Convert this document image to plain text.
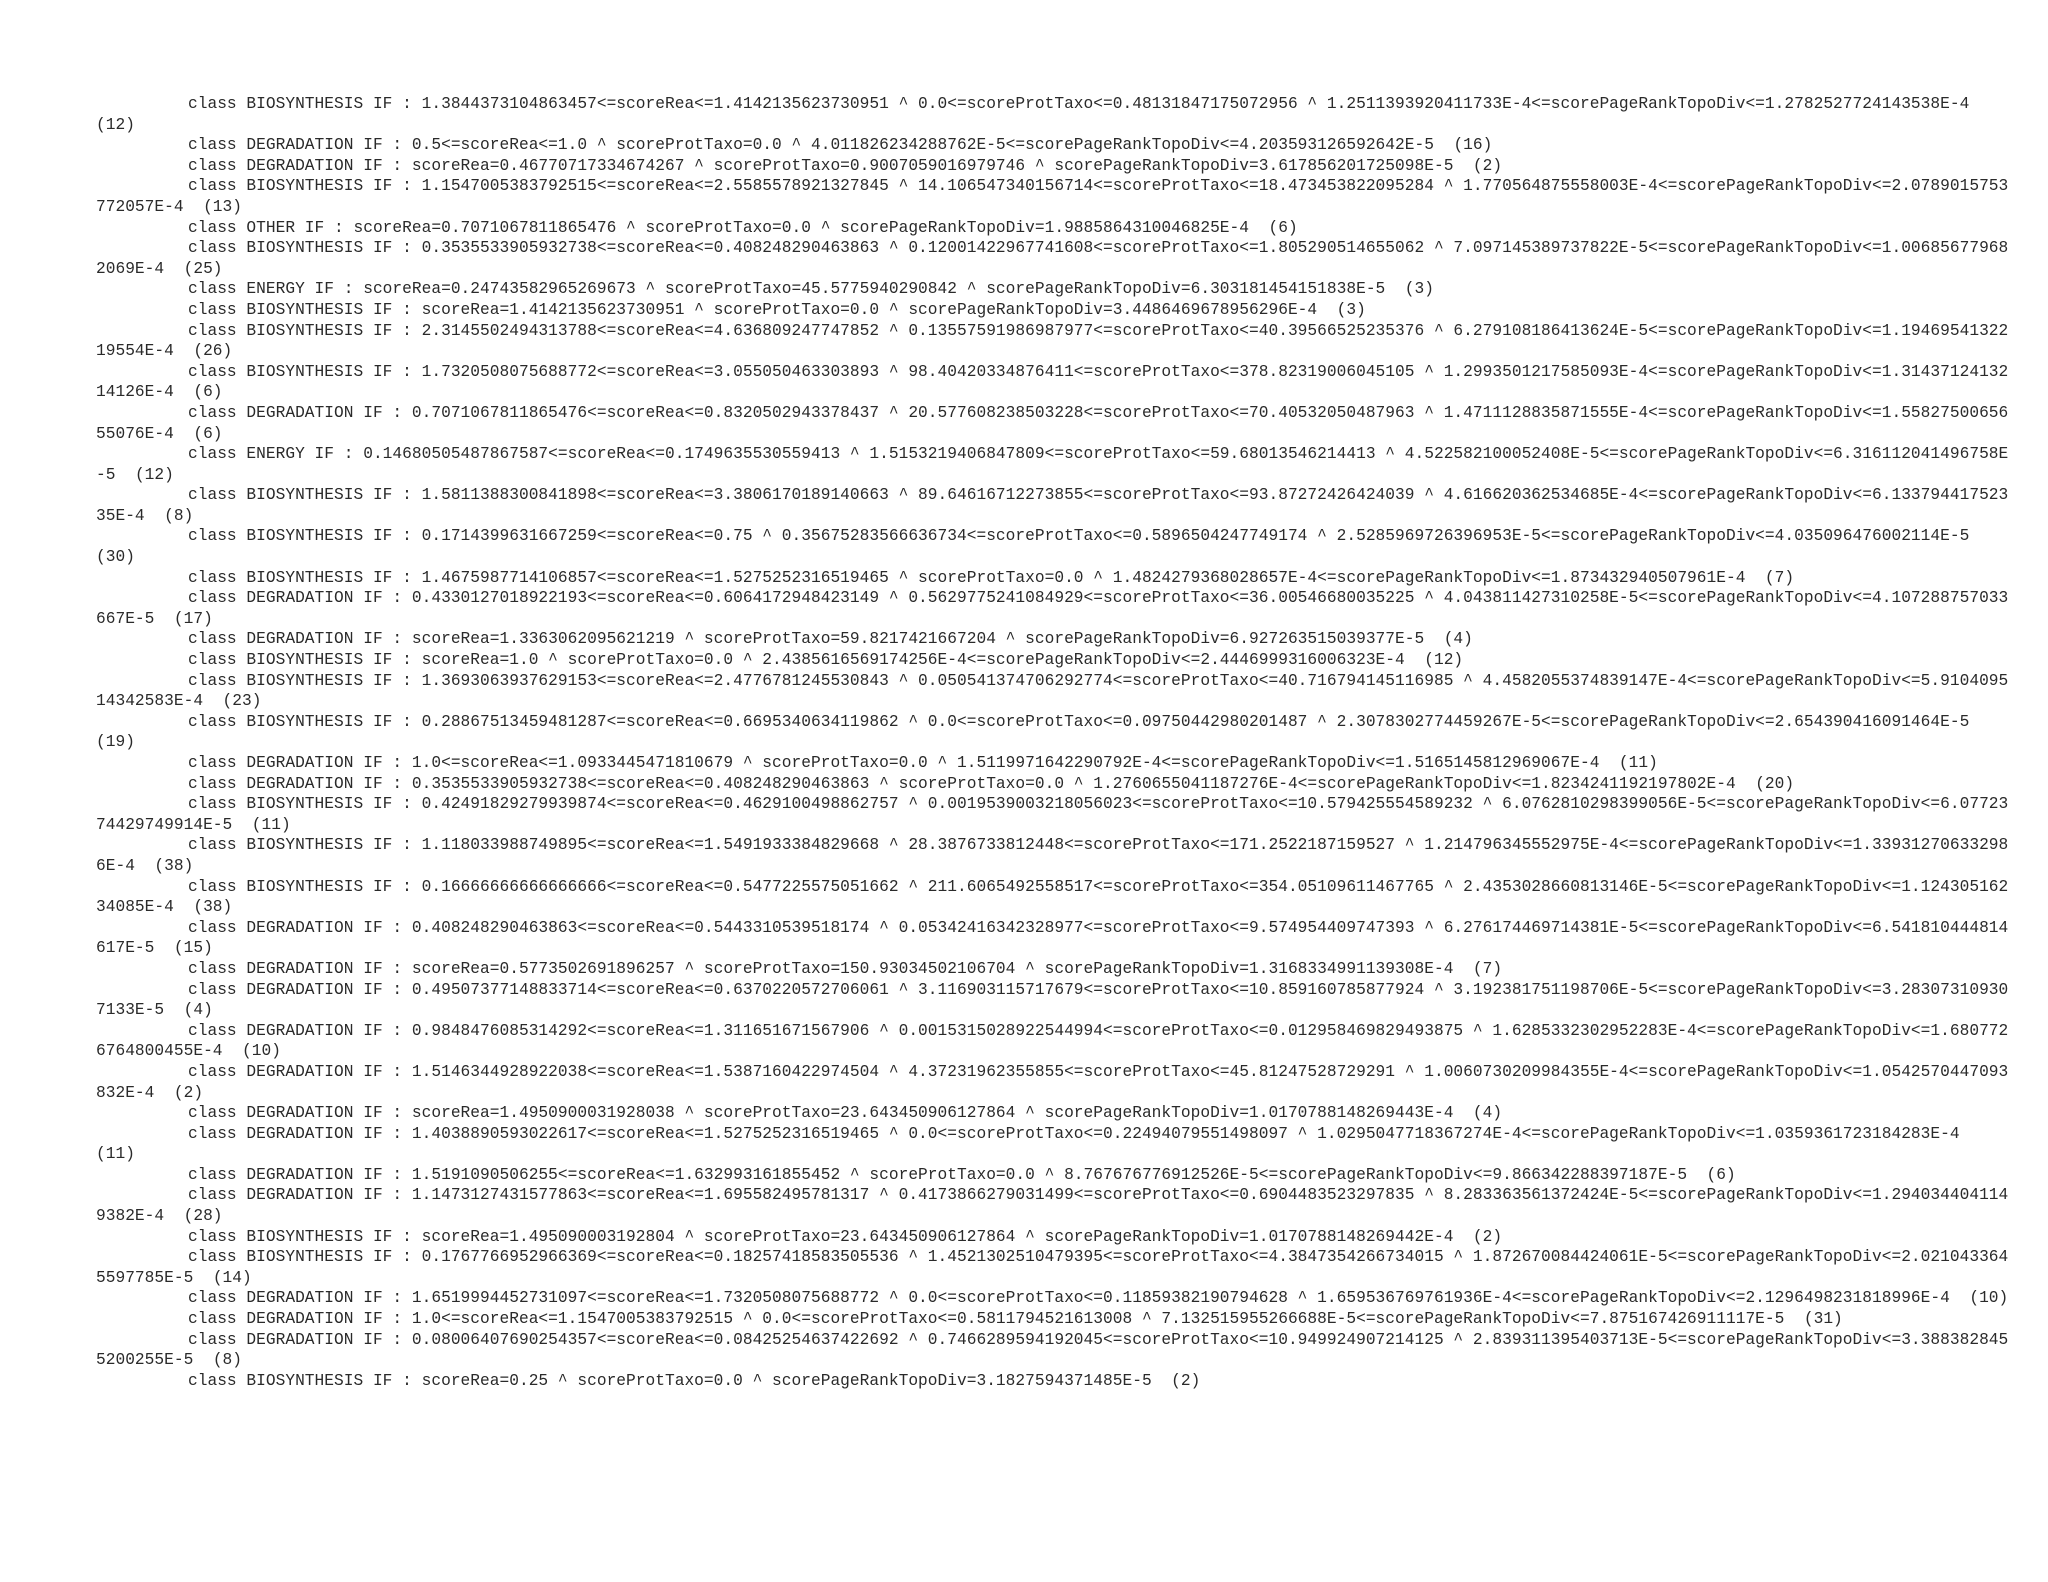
class BIOSYNTHESIS IF : 1.3844373104863457<=scoreRea<=1.4142135623730951 ^ 0.0<=scoreProtTaxo<=0.48131847175072956 ^ 1.2511393920411733E-4<=scorePageRankTopoDiv<=1.2782527724143538E-4  (12)
class DEGRADATION IF : 0.5<=scoreRea<=1.0 ^ scoreProtTaxo=0.0 ^ 4.011826234288762E-5<=scorePageRankTopoDiv<=4.203593126592642E-5 (16)
class DEGRADATION IF : scoreRea=0.46770717334674267 ^ scoreProtTaxo=0.9007059016979746 ^ scorePageRankTopoDiv=3.617856201725098E-5 (2)
class BIOSYNTHESIS IF : 1.1547005383792515<=scoreRea<=2.5585578921327845 ^ 14.106547340156714<=scoreProtTaxo<=18.473453822095284 ^ 1.770564875558003E-4<=scorePageRankTopoDiv<=2.0789015753772057E-4 (13)
class OTHER IF : scoreRea=0.7071067811865476 ^ scoreProtTaxo=0.0 ^ scorePageRankTopoDiv=1.9885864310046825E-4 (6)
class BIOSYNTHESIS IF : 0.3535533905932738<=scoreRea<=0.408248290463863 ^ 0.12001422967741608<=scoreProtTaxo<=1.805290514655062 ^ 7.097145389737822E-5<=scorePageRankTopoDiv<=1.006856779682069E-4 (25)
class ENERGY IF : scoreRea=0.24743582965269673 ^ scoreProtTaxo=45.5775940290842 ^ scorePageRankTopoDiv=6.303181454151838E-5 (3)
class BIOSYNTHESIS IF : scoreRea=1.4142135623730951 ^ scoreProtTaxo=0.0 ^ scorePageRankTopoDiv=3.4486469678956296E-4 (3)
class BIOSYNTHESIS IF : 2.3145502494313788<=scoreRea<=4.636809247747852 ^ 0.13557591986987977<=scoreProtTaxo<=40.39566525235376 ^ 6.279108186413624E-5<=scorePageRankTopoDiv<=1.1946954132219554E-4 (26)
class BIOSYNTHESIS IF : 1.7320508075688772<=scoreRea<=3.055050463303893 ^ 98.40420334876411<=scoreProtTaxo<=378.82319006045105 ^ 1.2993501217585093E-4<=scorePageRankTopoDiv<=1.3143712413214126E-4 (6)
class DEGRADATION IF : 0.7071067811865476<=scoreRea<=0.8320502943378437 ^ 20.577608238503228<=scoreProtTaxo<=70.40532050487963 ^ 1.4711128835871555E-4<=scorePageRankTopoDiv<=1.5582750065655076E-4 (6)
class ENERGY IF : 0.14680505487867587<=scoreRea<=0.1749635530559413 ^ 1.5153219406847809<=scoreProtTaxo<=59.68013546214413 ^ 4.522582100052408E-5<=scorePageRankTopoDiv<=6.316112041496758E-5 (12)
class BIOSYNTHESIS IF : 1.5811388300841898<=scoreRea<=3.3806170189140663 ^ 89.64616712273855<=scoreProtTaxo<=93.87272426424039 ^ 4.616620362534685E-4<=scorePageRankTopoDiv<=6.13379441752335E-4 (8)
class BIOSYNTHESIS IF : 0.1714399631667259<=scoreRea<=0.75 ^ 0.35675283566636734<=scoreProtTaxo<=0.5896504247749174 ^ 2.5285969726396953E-5<=scorePageRankTopoDiv<=4.035096476002114E-5  (30)
class BIOSYNTHESIS IF : 1.4675987714106857<=scoreRea<=1.5275252316519465 ^ scoreProtTaxo=0.0 ^ 1.4824279368028657E-4<=scorePageRankTopoDiv<=1.873432940507961E-4 (7)
class DEGRADATION IF : 0.4330127018922193<=scoreRea<=0.6064172948423149 ^ 0.5629775241084929<=scoreProtTaxo<=36.00546680035225 ^ 4.043811427310258E-5<=scorePageRankTopoDiv<=4.107288757033667E-5 (17)
class DEGRADATION IF : scoreRea=1.3363062095621219 ^ scoreProtTaxo=59.8217421667204 ^ scorePageRankTopoDiv=6.927263515039377E-5 (4)
class BIOSYNTHESIS IF : scoreRea=1.0 ^ scoreProtTaxo=0.0 ^ 2.4385616569174256E-4<=scorePageRankTopoDiv<=2.4446999316006323E-4 (12)
class BIOSYNTHESIS IF : 1.3693063937629153<=scoreRea<=2.4776781245530843 ^ 0.050541374706292774<=scoreProtTaxo<=40.716794145116985 ^ 4.4582055374839147E-4<=scorePageRankTopoDiv<=5.910409514342583E-4 (23)
class BIOSYNTHESIS IF : 0.28867513459481287<=scoreRea<=0.6695340634119862 ^ 0.0<=scoreProtTaxo<=0.09750442980201487 ^ 2.3078302774459267E-5<=scorePageRankTopoDiv<=2.654390416091464E-5  (19)
class DEGRADATION IF : 1.0<=scoreRea<=1.0933445471810679 ^ scoreProtTaxo=0.0 ^ 1.5119971642290792E-4<=scorePageRankTopoDiv<=1.5165145812969067E-4 (11)
class DEGRADATION IF : 0.3535533905932738<=scoreRea<=0.408248290463863 ^ scoreProtTaxo=0.0 ^ 1.2760655041187276E-4<=scorePageRankTopoDiv<=1.8234241192197802E-4 (20)
class BIOSYNTHESIS IF : 0.42491829279939874<=scoreRea<=0.4629100498862757 ^ 0.0019539003218056023<=scoreProtTaxo<=10.579425554589232 ^ 6.0762810298399056E-5<=scorePageRankTopoDiv<=6.0772374429749914E-5 (11)
class BIOSYNTHESIS IF : 1.118033988749895<=scoreRea<=1.5491933384829668 ^ 28.3876733812448<=scoreProtTaxo<=171.2522187159527 ^ 1.214796345552975E-4<=scorePageRankTopoDiv<=1.339312706332986E-4 (38)
class BIOSYNTHESIS IF : 0.16666666666666666<=scoreRea<=0.5477225575051662 ^ 211.6065492558517<=scoreProtTaxo<=354.05109611467765 ^ 2.4353028660813146E-5<=scorePageRankTopoDiv<=1.12430516234085E-4 (38)
class DEGRADATION IF : 0.408248290463863<=scoreRea<=0.5443310539518174 ^ 0.05342416342328977<=scoreProtTaxo<=9.574954409747393 ^ 6.276174469714381E-5<=scorePageRankTopoDiv<=6.541810444814617E-5 (15)
class DEGRADATION IF : scoreRea=0.5773502691896257 ^ scoreProtTaxo=150.93034502106704 ^ scorePageRankTopoDiv=1.3168334991139308E-4 (7)
class DEGRADATION IF : 0.49507377148833714<=scoreRea<=0.6370220572706061 ^ 3.116903115717679<=scoreProtTaxo<=10.859160785877924 ^ 3.192381751198706E-5<=scorePageRankTopoDiv<=3.283073109307133E-5 (4)
class DEGRADATION IF : 0.9848476085314292<=scoreRea<=1.311651671567906 ^ 0.0015315028922544994<=scoreProtTaxo<=0.012958469829493875 ^ 1.6285332302952283E-4<=scorePageRankTopoDiv<=1.6807726764800455E-4 (10)
class DEGRADATION IF : 1.5146344928922038<=scoreRea<=1.5387160422974504 ^ 4.37231962355855<=scoreProtTaxo<=45.81247528729291 ^ 1.0060730209984355E-4<=scorePageRankTopoDiv<=1.0542570447093832E-4 (2)
class DEGRADATION IF : scoreRea=1.4950900031928038 ^ scoreProtTaxo=23.643450906127864 ^ scorePageRankTopoDiv=1.0170788148269443E-4 (4)
class DEGRADATION IF : 1.4038890593022617<=scoreRea<=1.5275252316519465 ^ 0.0<=scoreProtTaxo<=0.22494079551498097 ^ 1.0295047718367274E-4<=scorePageRankTopoDiv<=1.0359361723184283E-4  (11)
class DEGRADATION IF : 1.5191090506255<=scoreRea<=1.632993161855452 ^ scoreProtTaxo=0.0 ^ 8.767676776912526E-5<=scorePageRankTopoDiv<=9.866342288397187E-5 (6)
class DEGRADATION IF : 1.1473127431577863<=scoreRea<=1.695582495781317 ^ 0.4173866279031499<=scoreProtTaxo<=0.6904483523297835 ^ 8.283363561372424E-5<=scorePageRankTopoDiv<=1.2940344041149382E-4 (28)
class BIOSYNTHESIS IF : scoreRea=1.495090003192804 ^ scoreProtTaxo=23.643450906127864 ^ scorePageRankTopoDiv=1.0170788148269442E-4 (2)
class BIOSYNTHESIS IF : 0.1767766952966369<=scoreRea<=0.18257418583505536 ^ 1.4521302510479395<=scoreProtTaxo<=4.3847354266734015 ^ 1.872670084424061E-5<=scorePageRankTopoDiv<=2.0210433645597785E-5 (14)
class DEGRADATION IF : 1.6519994452731097<=scoreRea<=1.7320508075688772 ^ 0.0<=scoreProtTaxo<=0.11859382190794628 ^ 1.659536769761936E-4<=scorePageRankTopoDiv<=2.1296498231818996E-4 (10)
class DEGRADATION IF : 1.0<=scoreRea<=1.1547005383792515 ^ 0.0<=scoreProtTaxo<=0.5811794521613008 ^ 7.132515955266688E-5<=scorePageRankTopoDiv<=7.875167426911117E-5 (31)
class DEGRADATION IF : 0.08006407690254357<=scoreRea<=0.08425254637422692 ^ 0.7466289594192045<=scoreProtTaxo<=10.949924907214125 ^ 2.839311395403713E-5<=scorePageRankTopoDiv<=3.3883828455200255E-5 (8)
class BIOSYNTHESIS IF : scoreRea=0.25 ^ scoreProtTaxo=0.0 ^ scorePageRankTopoDiv=3.1827594371485E-5 (2)
